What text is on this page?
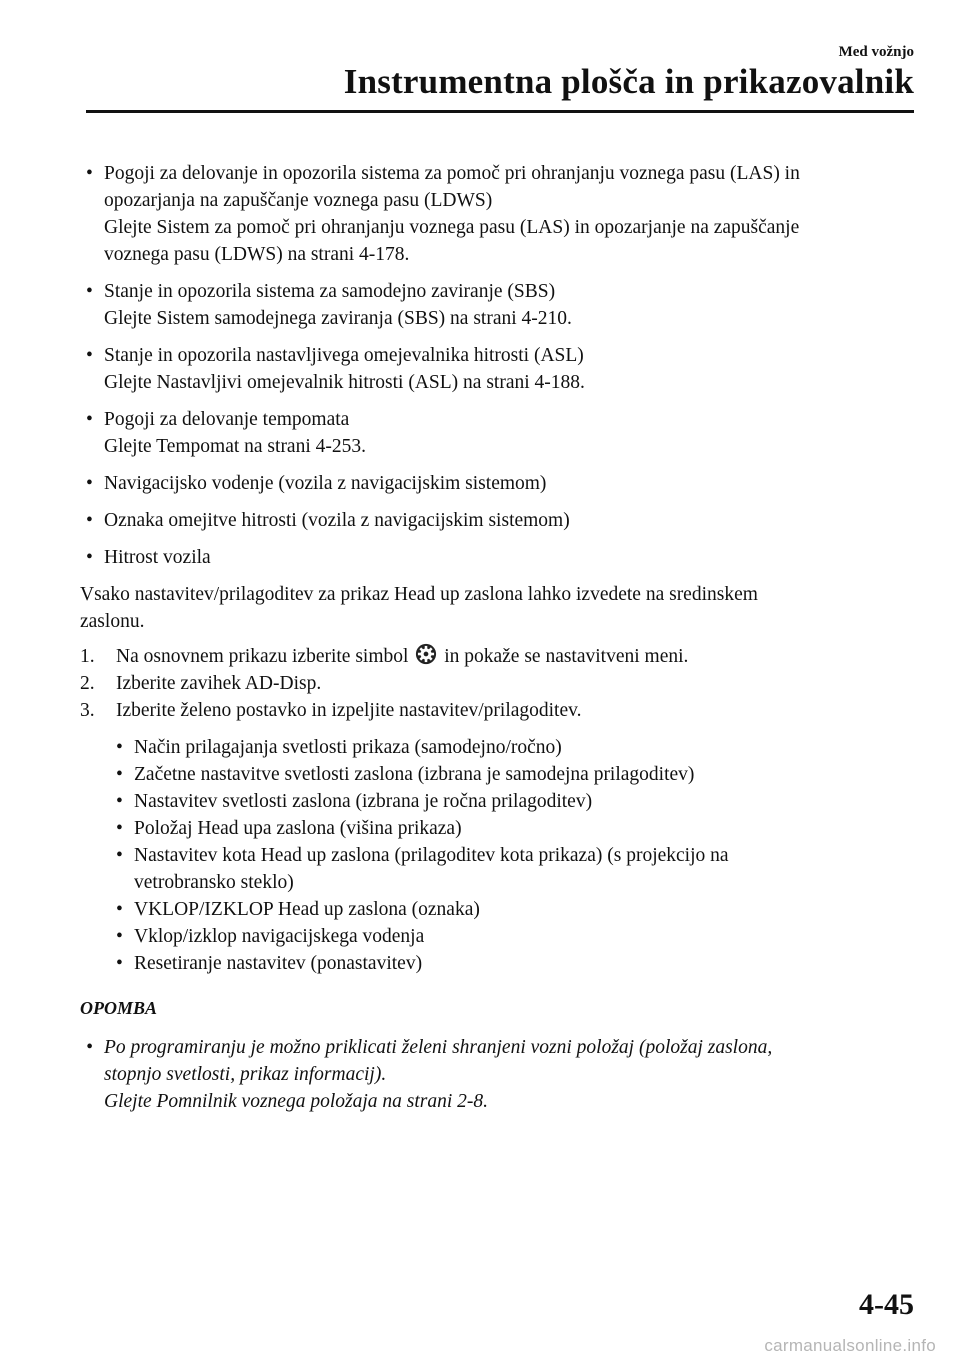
Med vožnjo
Instrumentna plošča in prikazovalnik
• Pogoji za delovanje in opozorila sistema za pomoč pri ohranjanju voznega pasu (LAS) in
opozarjanja na zapuščanje voznega pasu (LDWS)
Glejte Sistem za pomoč pri ohranjanju voznega pasu (LAS) in opozarjanje na zapuščanje
voznega pasu (LDWS) na strani 4-178.
• Stanje in opozorila sistema za samodejno zaviranje (SBS)
Glejte Sistem samodejnega zaviranja (SBS) na strani 4-210.
• Stanje in opozorila nastavljivega omejevalnika hitrosti (ASL)
Glejte Nastavljivi omejevalnik hitrosti (ASL) na strani 4-188.
• Pogoji za delovanje tempomata
Glejte Tempomat na strani 4-253.
• Navigacijsko vodenje (vozila z navigacijskim sistemom)
• Oznaka omejitve hitrosti (vozila z navigacijskim sistemom)
• Hitrost vozila
Vsako nastavitev/prilagoditev za prikaz Head up zaslona lahko izvedete na sredinskem
zaslonu.
1. Na osnovnem prikazu izberite simbol in pokaže se nastavitveni meni.
2. Izberite zavihek AD-Disp.
3. Izberite želeno postavko in izpeljite nastavitev/prilagoditev.
• Način prilagajanja svetlosti prikaza (samodejno/ročno)
• Začetne nastavitve svetlosti zaslona (izbrana je samodejna prilagoditev)
• Nastavitev svetlosti zaslona (izbrana je ročna prilagoditev)
• Položaj Head upa zaslona (višina prikaza)
• Nastavitev kota Head up zaslona (prilagoditev kota prikaza) (s projekcijo na
vetrobransko steklo)
• VKLOP/IZKLOP Head up zaslona (oznaka)
• Vklop/izklop navigacijskega vodenja
• Resetiranje nastavitev (ponastavitev)
OPOMBA
• Po programiranju je možno priklicati želeni shranjeni vozni položaj (položaj zaslona,
stopnjo svetlosti, prikaz informacij).
Glejte Pomnilnik voznega položaja na strani 2-8.
4-45
carmanualsonline.info
